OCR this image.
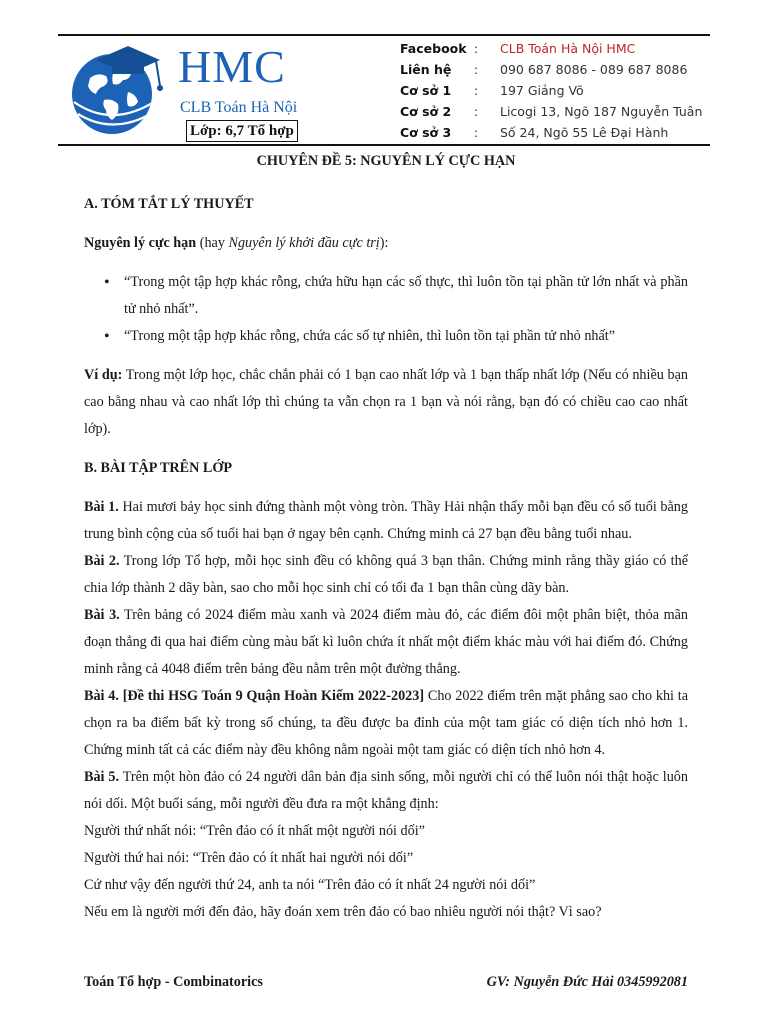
HMC
CLB Toán Hà Nội
Lớp: 6,7 Tổ hợp
Facebook :	CLB Toán Hà Nội HMC
Liên hệ	:	090 687 8086 - 089 687 8086
Cơ sở 1	:	197 Giảng Võ
Cơ sở 2	:	Licogi 13, Ngõ 187 Nguyễn Tuân
Cơ sở 3	:	Số 24, Ngõ 55 Lê Đại Hành
CHUYÊN ĐỀ 5: NGUYÊN LÝ CỰC HẠN

A. TÓM TẮT LÝ THUYẾT

Nguyên lý cực hạn (hay Nguyên lý khởi đầu cực trị):

• “Trong một tập hợp khác rỗng, chứa hữu hạn các số thực, thì luôn tồn tại phần tử lớn nhất và phần tử nhỏ nhất”.
• “Trong một tập hợp khác rỗng, chứa các số tự nhiên, thì luôn tồn tại phần tử nhỏ nhất”

Ví dụ: Trong một lớp học, chắc chắn phải có 1 bạn cao nhất lớp và 1 bạn thấp nhất lớp (Nếu có nhiều bạn cao bằng nhau và cao nhất lớp thì chúng ta vẫn chọn ra 1 bạn và nói rằng, bạn đó có chiều cao cao nhất lớp).

B. BÀI TẬP TRÊN LỚP

Bài 1. Hai mươi bảy học sinh đứng thành một vòng tròn. Thầy Hải nhận thấy mỗi bạn đều có số tuổi bằng trung bình cộng của số tuổi hai bạn ở ngay bên cạnh. Chứng minh cả 27 bạn đều bằng tuổi nhau.

Bài 2. Trong lớp Tổ hợp, mỗi học sinh đều có không quá 3 bạn thân. Chứng minh rằng thầy giáo có thể chia lớp thành 2 dãy bàn, sao cho mỗi học sinh chỉ có tối đa 1 bạn thân cùng dãy bàn.

Bài 3. Trên bảng có 2024 điểm màu xanh và 2024 điểm màu đỏ, các điểm đôi một phân biệt, thỏa mãn đoạn thẳng đi qua hai điểm cùng màu bất kì luôn chứa ít nhất một điểm khác màu với hai điểm đó. Chứng minh rằng cả 4048 điểm trên bảng đều nằm trên một đường thẳng.

Bài 4. [Đề thi HSG Toán 9 Quận Hoàn Kiếm 2022-2023] Cho 2022 điểm trên mặt phẳng sao cho khi ta chọn ra ba điểm bất kỳ trong số chúng, ta đều được ba đỉnh của một tam giác có diện tích nhỏ hơn 1. Chứng minh tất cả các điểm này đều không nằm ngoài một tam giác có diện tích nhỏ hơn 4.

Bài 5. Trên một hòn đảo có 24 người dân bản địa sinh sống, mỗi người chỉ có thể luôn nói thật hoặc luôn nói dối. Một buổi sáng, mỗi người đều đưa ra một khẳng định:

Người thứ nhất nói: “Trên đảo có ít nhất một người nói dối”

Người thứ hai nói: “Trên đảo có ít nhất hai người nói dối”

Cứ như vậy đến người thứ 24, anh ta nói “Trên đảo có ít nhất 24 người nói dối”

Nếu em là người mới đến đảo, hãy đoán xem trên đảo có bao nhiêu người nói thật? Vì sao?

Toán Tổ hợp - Combinatorics	GV: Nguyễn Đức Hải 0345992081
